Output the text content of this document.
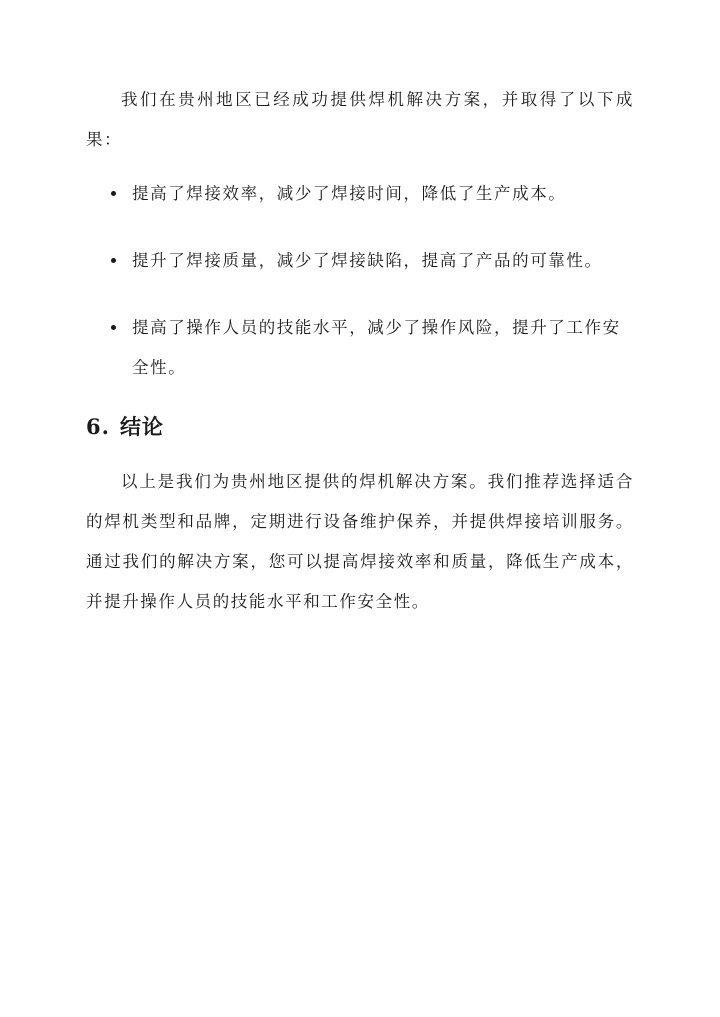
我们在贵州地区已经成功提供焊机解决方案，并取得了以下成果：

提高了焊接效率，减少了焊接时间，降低了生产成本。
提升了焊接质量，减少了焊接缺陷，提高了产品的可靠性。
提高了操作人员的技能水平，减少了操作风险，提升了工作安全性。
6. 结论

以上是我们为贵州地区提供的焊机解决方案。我们推荐选择适合的焊机类型和品牌，定期进行设备维护保养，并提供焊接培训服务。通过我们的解决方案，您可以提高焊接效率和质量，降低生产成本，并提升操作人员的技能水平和工作安全性。
